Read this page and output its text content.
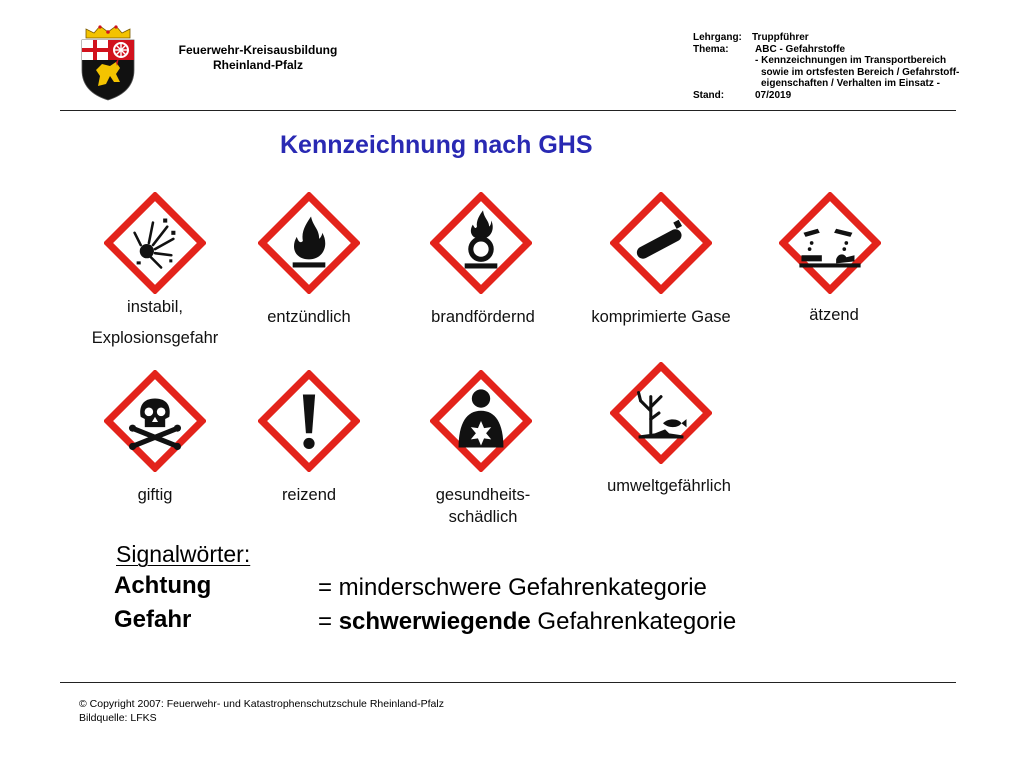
Feuerwehr-Kreisausbildung
Rheinland-Pfalz
Lehrgang:	Truppführer
Thema:	ABC - Gefahrstoffe
- Kennzeichnungen im Transportbereich
sowie im ortsfesten Bereich / Gefahrstoff-
eigenschaften / Verhalten im Einsatz -
Stand:	07/2019
Kennzeichnung nach GHS
instabil,
Explosionsgefahr
entzündlich	brandfördernd	komprimierte Gase	ätzend
giftig	reizend	gesundheits-
schädlich
umweltgefährlich
Signalwörter:
Achtung	= minderschwere Gefahrenkategorie
Gefahr	= schwerwiegende Gefahrenkategorie
© Copyright 2007: Feuerwehr- und Katastrophenschutzschule Rheinland-Pfalz
Bildquelle: LFKS
